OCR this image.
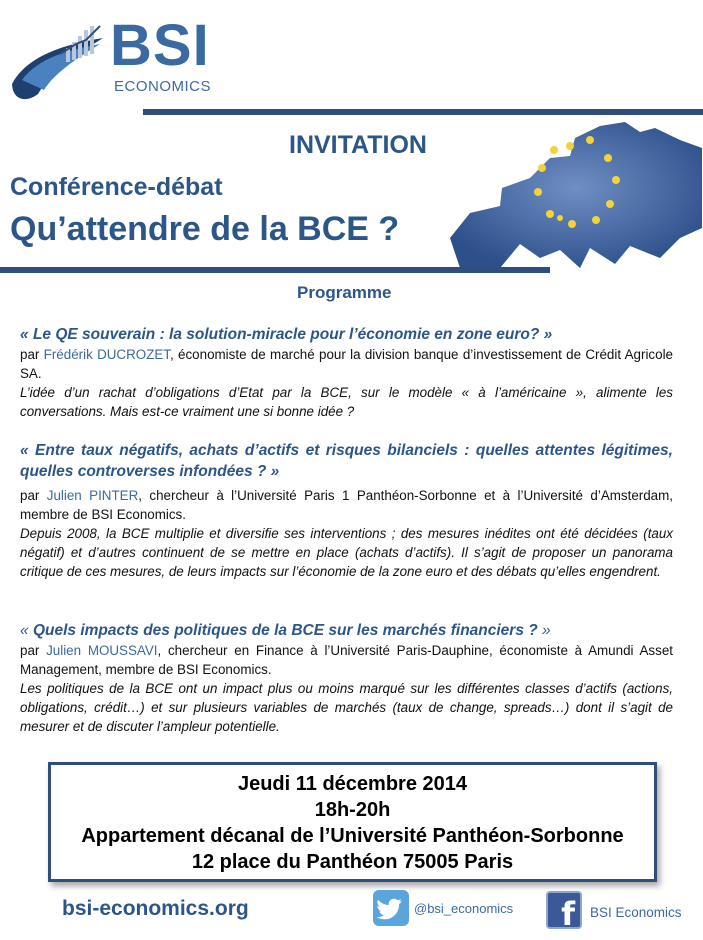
BSI
ECONOMICS
INVITATION
Conférence-débat
Qu’attendre de la BCE ?
Programme
« Le QE souverain : la solution-miracle pour l’économie en zone euro? »
par Frédérik DUCROZET, économiste de marché pour la division banque d’investissement de Crédit Agricole SA.
L’idée d’un rachat d’obligations d’Etat par la BCE, sur le modèle « à l’américaine », alimente les conversations. Mais est-ce vraiment une si bonne idée ?
« Entre taux négatifs, achats d’actifs et risques bilanciels : quelles attentes légitimes, quelles controverses infondées ? »
par Julien PINTER, chercheur à l’Université Paris 1 Panthéon-Sorbonne et à l’Université d’Amsterdam, membre de BSI Economics.
Depuis 2008, la BCE multiplie et diversifie ses interventions ; des mesures inédites ont été décidées (taux négatif) et d’autres continuent de se mettre en place (achats d’actifs). Il s’agit de proposer un panorama critique de ces mesures, de leurs impacts sur l’économie de la zone euro et des débats qu’elles engendrent.
« Quels impacts des politiques de la BCE sur les marchés financiers ? »
par Julien MOUSSAVI, chercheur en Finance à l’Université Paris-Dauphine, économiste à Amundi Asset Management, membre de BSI Economics.
Les politiques de la BCE ont un impact plus ou moins marqué sur les différentes classes d’actifs (actions, obligations, crédit…) et sur plusieurs variables de marchés (taux de change, spreads…) dont il s’agit de mesurer et de discuter l’ampleur potentielle.
Jeudi 11 décembre 2014
18h-20h
Appartement décanal de l’Université Panthéon-Sorbonne
12 place du Panthéon 75005 Paris
bsi-economics.org	@bsi_economics	f	BSI Economics
